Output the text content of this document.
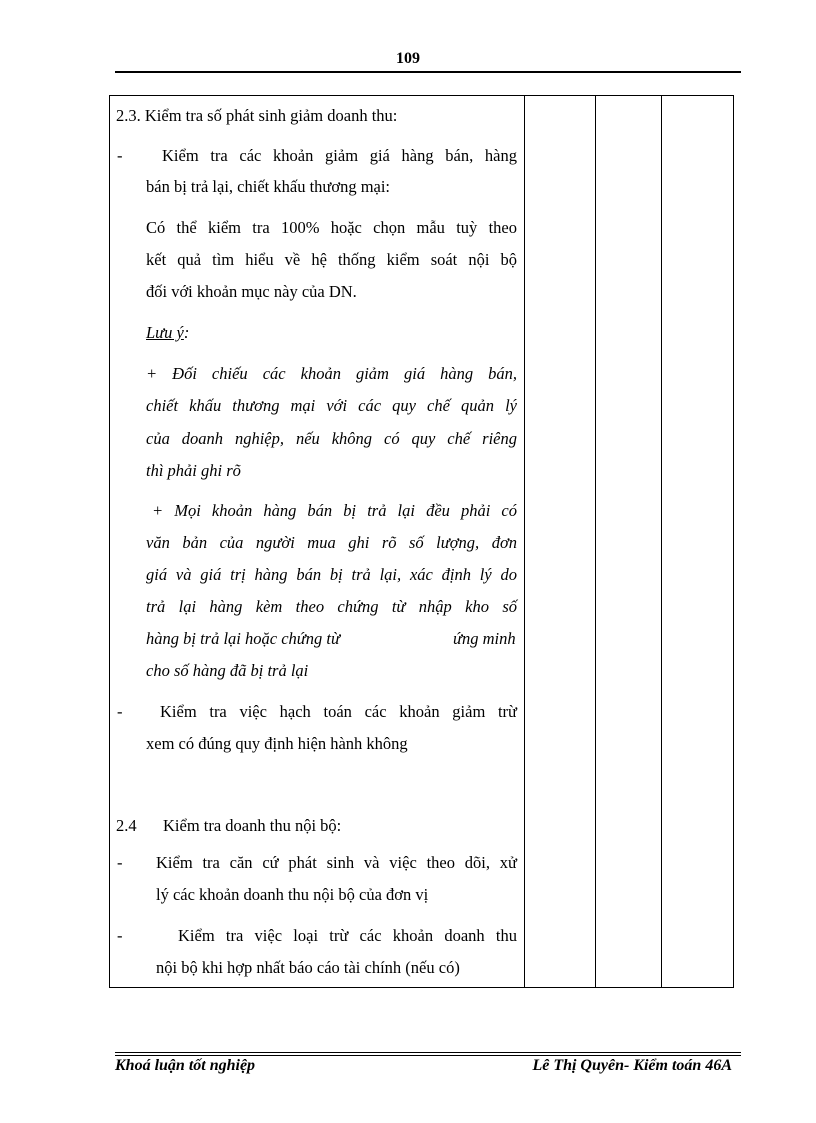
109
2.3. Kiểm tra số phát sinh giảm doanh thu:
- Kiểm tra các khoản giảm giá hàng bán, hàng
bán bị trả lại, chiết khấu thương mại:
Có thể kiểm tra 100% hoặc chọn mẫu tuỳ theo
kết quả tìm hiểu về hệ thống kiểm soát nội bộ
đối với khoản mục này của DN.
Lưu ý:
+ Đối chiếu các khoản giảm giá hàng bán,
chiết khấu thương mại với các quy chế quản lý
của doanh nghiệp, nếu không có quy chế riêng
thì phải ghi rõ
+ Mọi khoản hàng bán bị trả lại đều phải có
văn bản của người mua ghi rõ số lượng, đơn
giá và giá trị hàng bán bị trả lại, xác định lý do
trả lại hàng kèm theo chứng từ nhập kho số
hàng bị trả lại hoặc chứng từ	ứng minh
cho số hàng đã bị trả lại
- Kiểm tra việc hạch toán các khoản giảm trừ
xem có đúng quy định hiện hành không
2.4 Kiểm tra doanh thu nội bộ:
- Kiểm tra căn cứ phát sinh và việc theo dõi, xử
lý các khoản doanh thu nội bộ của đơn vị
-	Kiểm tra việc loại trừ các khoản doanh thu
nội bộ khi hợp nhất báo cáo tài chính (nếu có)
Khoá luận tốt nghiệp	Lê Thị Quyên- Kiểm toán 46A
